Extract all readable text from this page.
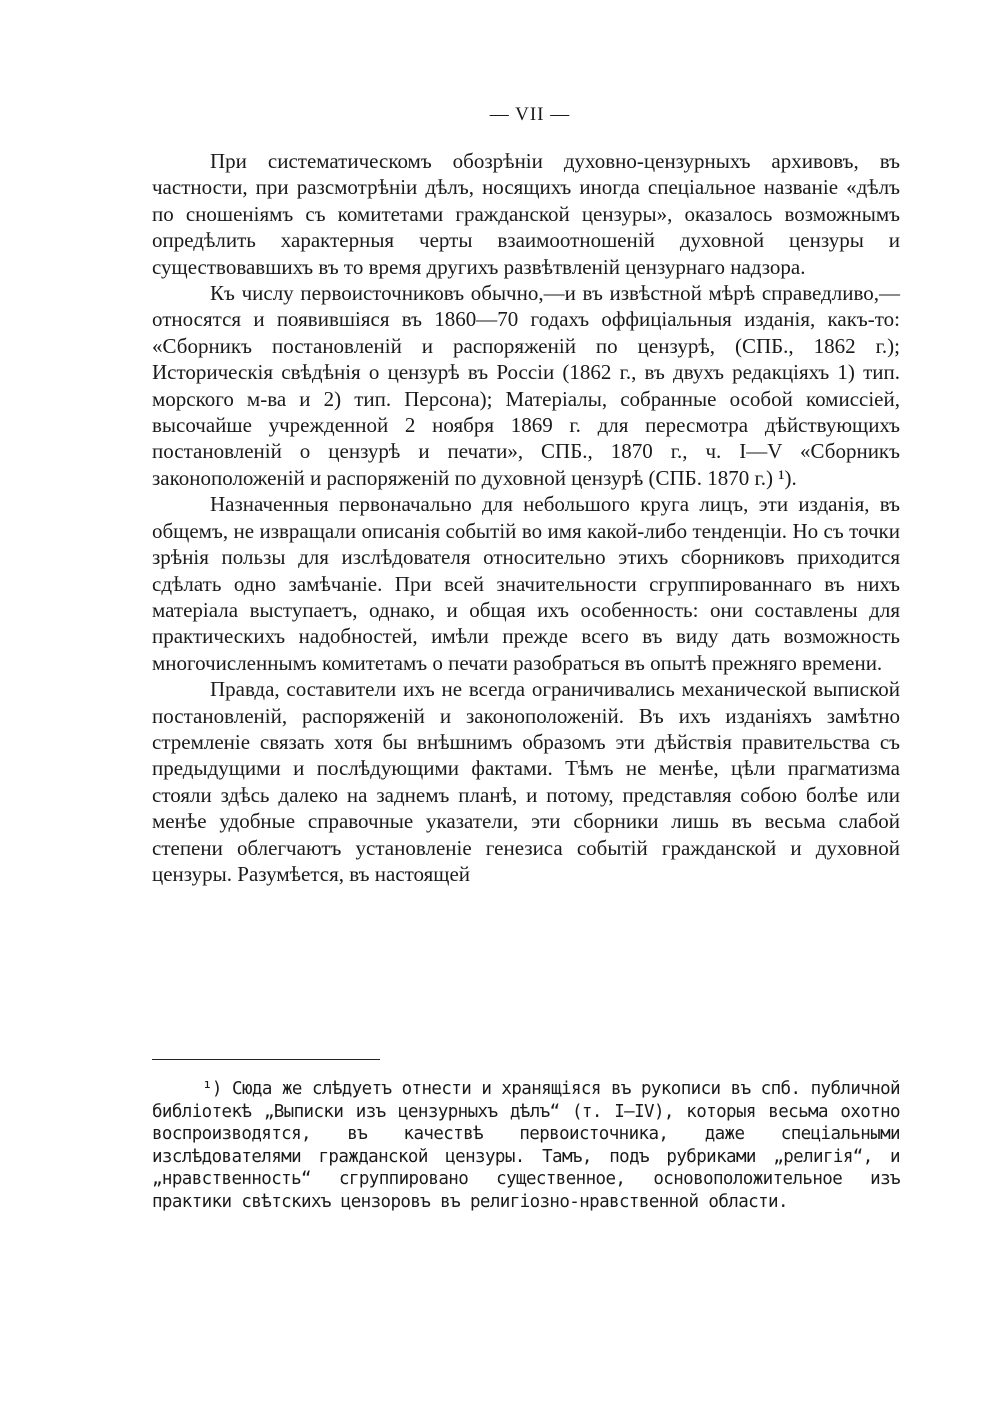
— VII —

При систематическомъ обозрѣніи духовно-цензурныхъ архивовъ, въ частности, при разсмотрѣніи дѣлъ, носящихъ иногда спеціальное названіе «дѣлъ по сношеніямъ съ комитетами гражданской цензуры», оказалось возможнымъ опредѣлить характерныя черты взаимоотношеній духовной цензуры и существовавшихъ въ то время другихъ развѣтвленій цензурнаго надзора.

Къ числу первоисточниковъ обычно,—и въ извѣстной мѣрѣ справедливо,—относятся и появившіяся въ 1860—70 годахъ оффиціальныя изданія, какъ-то: «Сборникъ постановленій и распоряженій по цензурѣ, (СПБ., 1862 г.); Историческія свѣдѣнія о цензурѣ въ Россіи (1862 г., въ двухъ редакціяхъ 1) тип. морского м-ва и 2) тип. Персона); Матеріалы, собранные особой комиссіей, высочайше учрежденной 2 ноября 1869 г. для пересмотра дѣйствующихъ постановленій о цензурѣ и печати», СПБ., 1870 г., ч. I—V «Сборникъ законоположеній и распоряженій по духовной цензурѣ (СПБ. 1870 г.) ¹).

Назначенныя первоначально для небольшого круга лицъ, эти изданія, въ общемъ, не извращали описанія событій во имя какой-либо тенденціи. Но съ точки зрѣнія пользы для изслѣдователя относительно этихъ сборниковъ приходится сдѣлать одно замѣчаніе. При всей значительности сгруппированнаго въ нихъ матеріала выступаетъ, однако, и общая ихъ особенность: они составлены для практическихъ надобностей, имѣли прежде всего въ виду дать возможность многочисленнымъ комитетамъ о печати разобраться въ опытѣ прежняго времени.

Правда, составители ихъ не всегда ограничивались механической выпиской постановленій, распоряженій и законоположеній. Въ ихъ изданіяхъ замѣтно стремленіе связать хотя бы внѣшнимъ образомъ эти дѣйствія правительства съ предыдущими и послѣдующими фактами. Тѣмъ не менѣе, цѣли прагматизма стояли здѣсь далеко на заднемъ планѣ, и потому, представляя собою болѣе или менѣе удобные справочные указатели, эти сборники лишь въ весьма слабой степени облегчаютъ установленіе генезиса событій гражданской и духовной цензуры. Разумѣется, въ настоящей

¹) Сюда же слѣдуетъ отнести и хранящіяся въ рукописи въ спб. публичной библіотекѣ „Выписки изъ цензурныхъ дѣлъ“ (т. I—IV), которыя весьма охотно воспроизводятся, въ качествѣ первоисточника, даже спеціальными изслѣдователями гражданской цензуры. Тамъ, подъ рубриками „религія“, и „нравственность“ сгруппировано существенное, основоположительное изъ практики свѣтскихъ цензоровъ въ религіозно-нравственной области.
